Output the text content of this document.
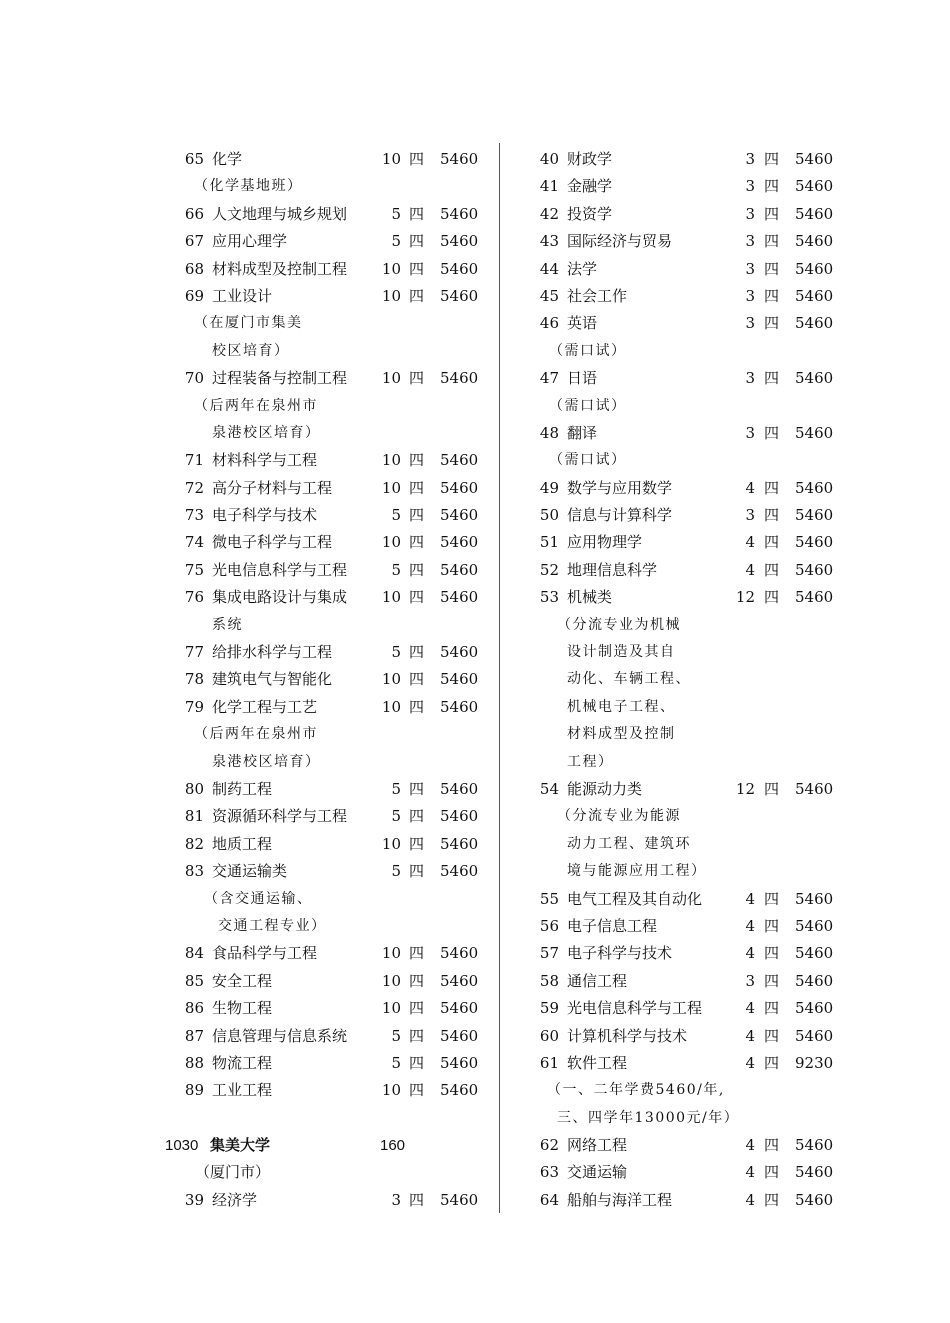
65 化学	10 四 5460
（化学基地班）
66 人文地理与城乡规划	5 四 5460
67 应用心理学	5 四 5460
68 材料成型及控制工程	10 四 5460
69 工业设计	10 四 5460
（在厦门市集美
校区培育）
70 过程装备与控制工程	10 四 5460
（后两年在泉州市
泉港校区培育）
71 材料科学与工程	10 四 5460
72 高分子材料与工程	10 四 5460
73 电子科学与技术	5 四 5460
74 微电子科学与工程	10 四 5460
75 光电信息科学与工程	5 四 5460
76 集成电路设计与集成	10 四 5460
系统
77 给排水科学与工程	5 四 5460
78 建筑电气与智能化	10 四 5460
79 化学工程与工艺	10 四 5460
（后两年在泉州市
泉港校区培育）
80 制药工程	5 四 5460
81 资源循环科学与工程	5 四 5460
82 地质工程	10 四 5460
83 交通运输类	5 四 5460
（含交通运输、
交通工程专业）
84 食品科学与工程	10 四 5460
85 安全工程	10 四 5460
86 生物工程	10 四 5460
87 信息管理与信息系统	5 四 5460
88 物流工程	5 四 5460
89 工业工程	10 四 5460
1030 集美大学	160
（厦门市）
39 经济学	3 四 5460
40 财政学	3 四 5460
41 金融学	3 四 5460
42 投资学	3 四 5460
43 国际经济与贸易	3 四 5460
44 法学	3 四 5460
45 社会工作	3 四 5460
46 英语	3 四 5460
（需口试）
47 日语	3 四 5460
（需口试）
48 翻译	3 四 5460
（需口试）
49 数学与应用数学	4 四 5460
50 信息与计算科学	3 四 5460
51 应用物理学	4 四 5460
52 地理信息科学	4 四 5460
53 机械类	12 四 5460
（分流专业为机械
设计制造及其自
动化、车辆工程、
机械电子工程、
材料成型及控制
工程）
54 能源动力类	12 四 5460
（分流专业为能源
动力工程、建筑环
境与能源应用工程）
55 电气工程及其自动化	4 四 5460
56 电子信息工程	4 四 5460
57 电子科学与技术	4 四 5460
58 通信工程	3 四 5460
59 光电信息科学与工程	4 四 5460
60 计算机科学与技术	4 四 5460
61 软件工程	4 四 9230
（一、二年学费5460/年,
三、四学年13000元/年）
62 网络工程	4 四 5460
63 交通运输	4 四 5460
64 船舶与海洋工程	4 四 5460
